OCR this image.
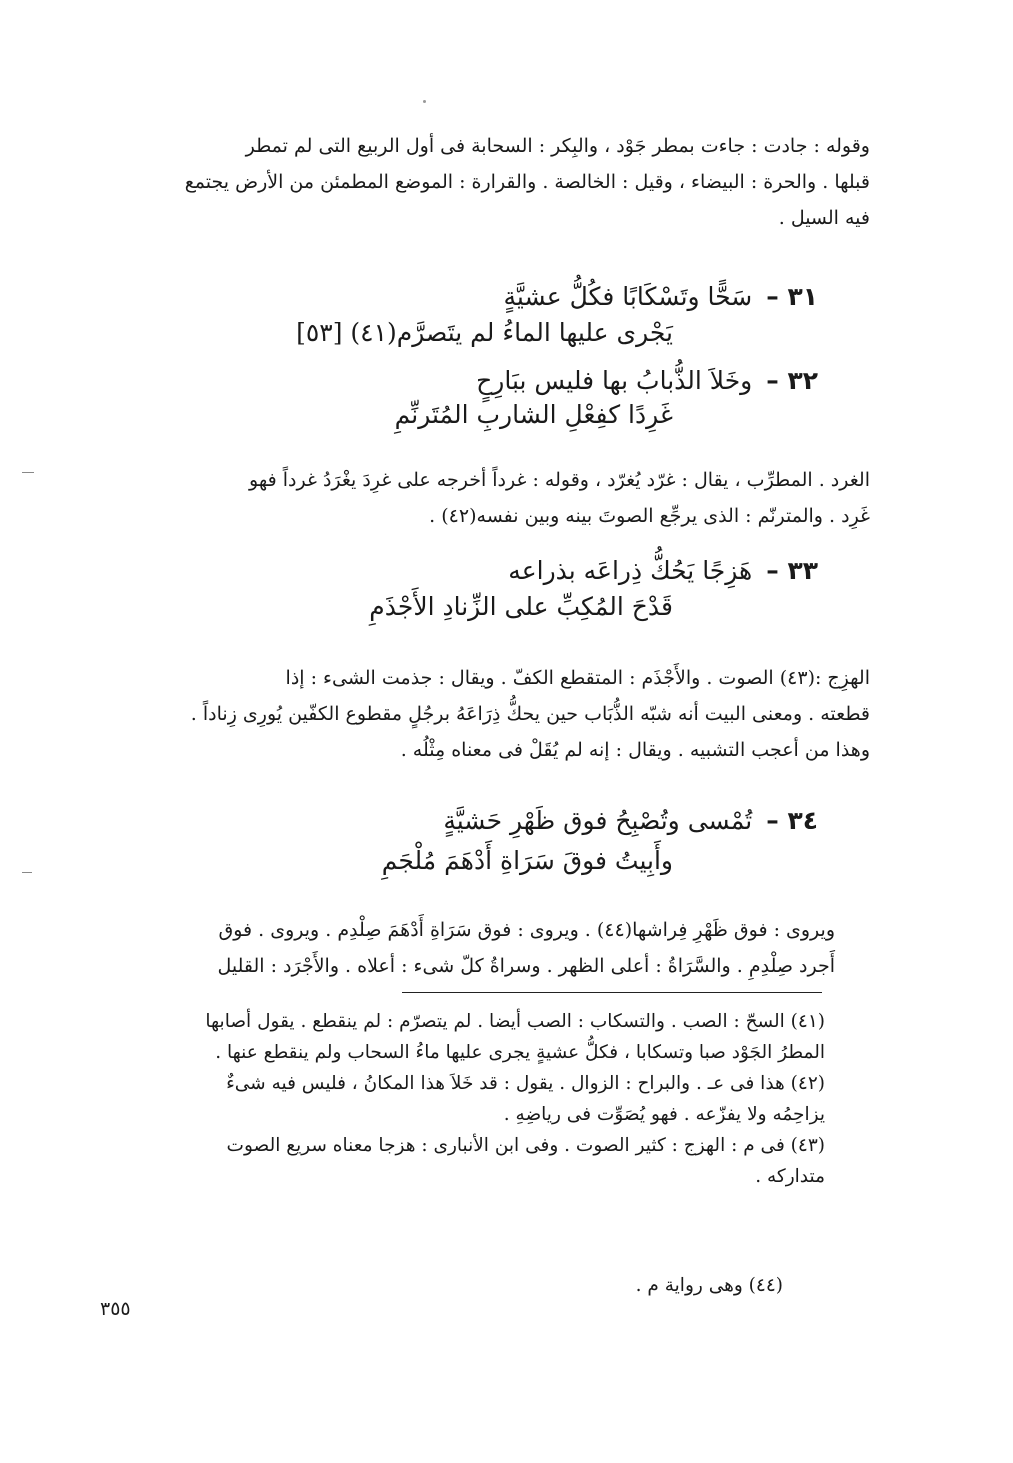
وقوله : جادت : جاءت بمطر جَوْد ، والبِكر : السحابة فى أول الربيع التى لم تمطر

قبلها . والحرة : البيضاء ، وقيل : الخالصة . والقرارة : الموضع المطمئن من الأرض يجتمع

فيه السيل .

٣١ –سَحًّا وتَسْكَابًا فكُلُّ عشيَّةٍ
يَجْرى عليها الماءُ لم يتَصرَّم(٤١) [٥٣]
٣٢ –وخَلاَ الذُّبابُ بها فليس ببَارِحٍ
غَرِدًا كفِعْلِ الشاربِ المُتَرنِّمِ

الغرد . المطرِّب ، يقال : غرّد يُغرّد ، وقوله : غرداً أخرجه على غرِدَ يغْرَدُ غرداً فهو

غَرِد . والمترنّم : الذى يرجِّع الصوتَ بينه وبين نفسه(٤٢) .

٣٣ –هَزِجًا يَحُكُّ ذِراعَه بذراعه
قَدْحَ المُكِبِّ على الزِّنادِ الأَجْذَمِ

الهزِج :(٤٣) الصوت . والأَجْذَم : المتقطع الكفّ . ويقال : جذمت الشىء : إذا

قطعته . ومعنى البيت أنه شبّه الذُّبَاب حين يحكُّ ذِرَاعَهُ برجُلٍ مقطوع الكفّين يُورِى زِناداً .

وهذا من أعجب التشبيه . ويقال : إنه لم يُقَلْ فى معناه مِثْلُه .

٣٤ –تُمْسى وتُصْبِحُ فوق ظَهْرِ حَشيَّةٍ
وأَبِيتُ فوقَ سَرَاةِ أَدْهَمَ مُلْجَمِ

ويروى : فوق ظَهْرِ فِراشها(٤٤) . ويروى : فوق سَرَاةِ أَدْهَمَ صِلْدِم . ويروى . فوق

أَجرد صِلْدِمِ . والسَّرَاةُ : أعلى الظهر . وسراةُ كلّ شىء : أعلاه . والأَجْرَد : القليل

(٤١) السحّ : الصب . والتسكاب : الصب أيضا . لم يتصرّم : لم ينقطع . يقول أصابها

المطرُ الجَوْد صبا وتسكابا ، فكلُّ عشيةٍ يجرى عليها ماءُ السحاب ولم ينقطع عنها .

(٤٢) هذا فى عـ . والبراح : الزوال . يقول : قد خَلاَ هذا المكانُ ، فليس فيه شىءٌ

يزاحِمُه ولا يفزّعه . فهو يُصَوِّت فى رياضِهِ .

(٤٣) فى م : الهزج : كثير الصوت . وفى ابن الأنبارى : هزجا معناه سريع الصوت

متداركه .

(٤٤) وهى رواية م .

٣٥٥
